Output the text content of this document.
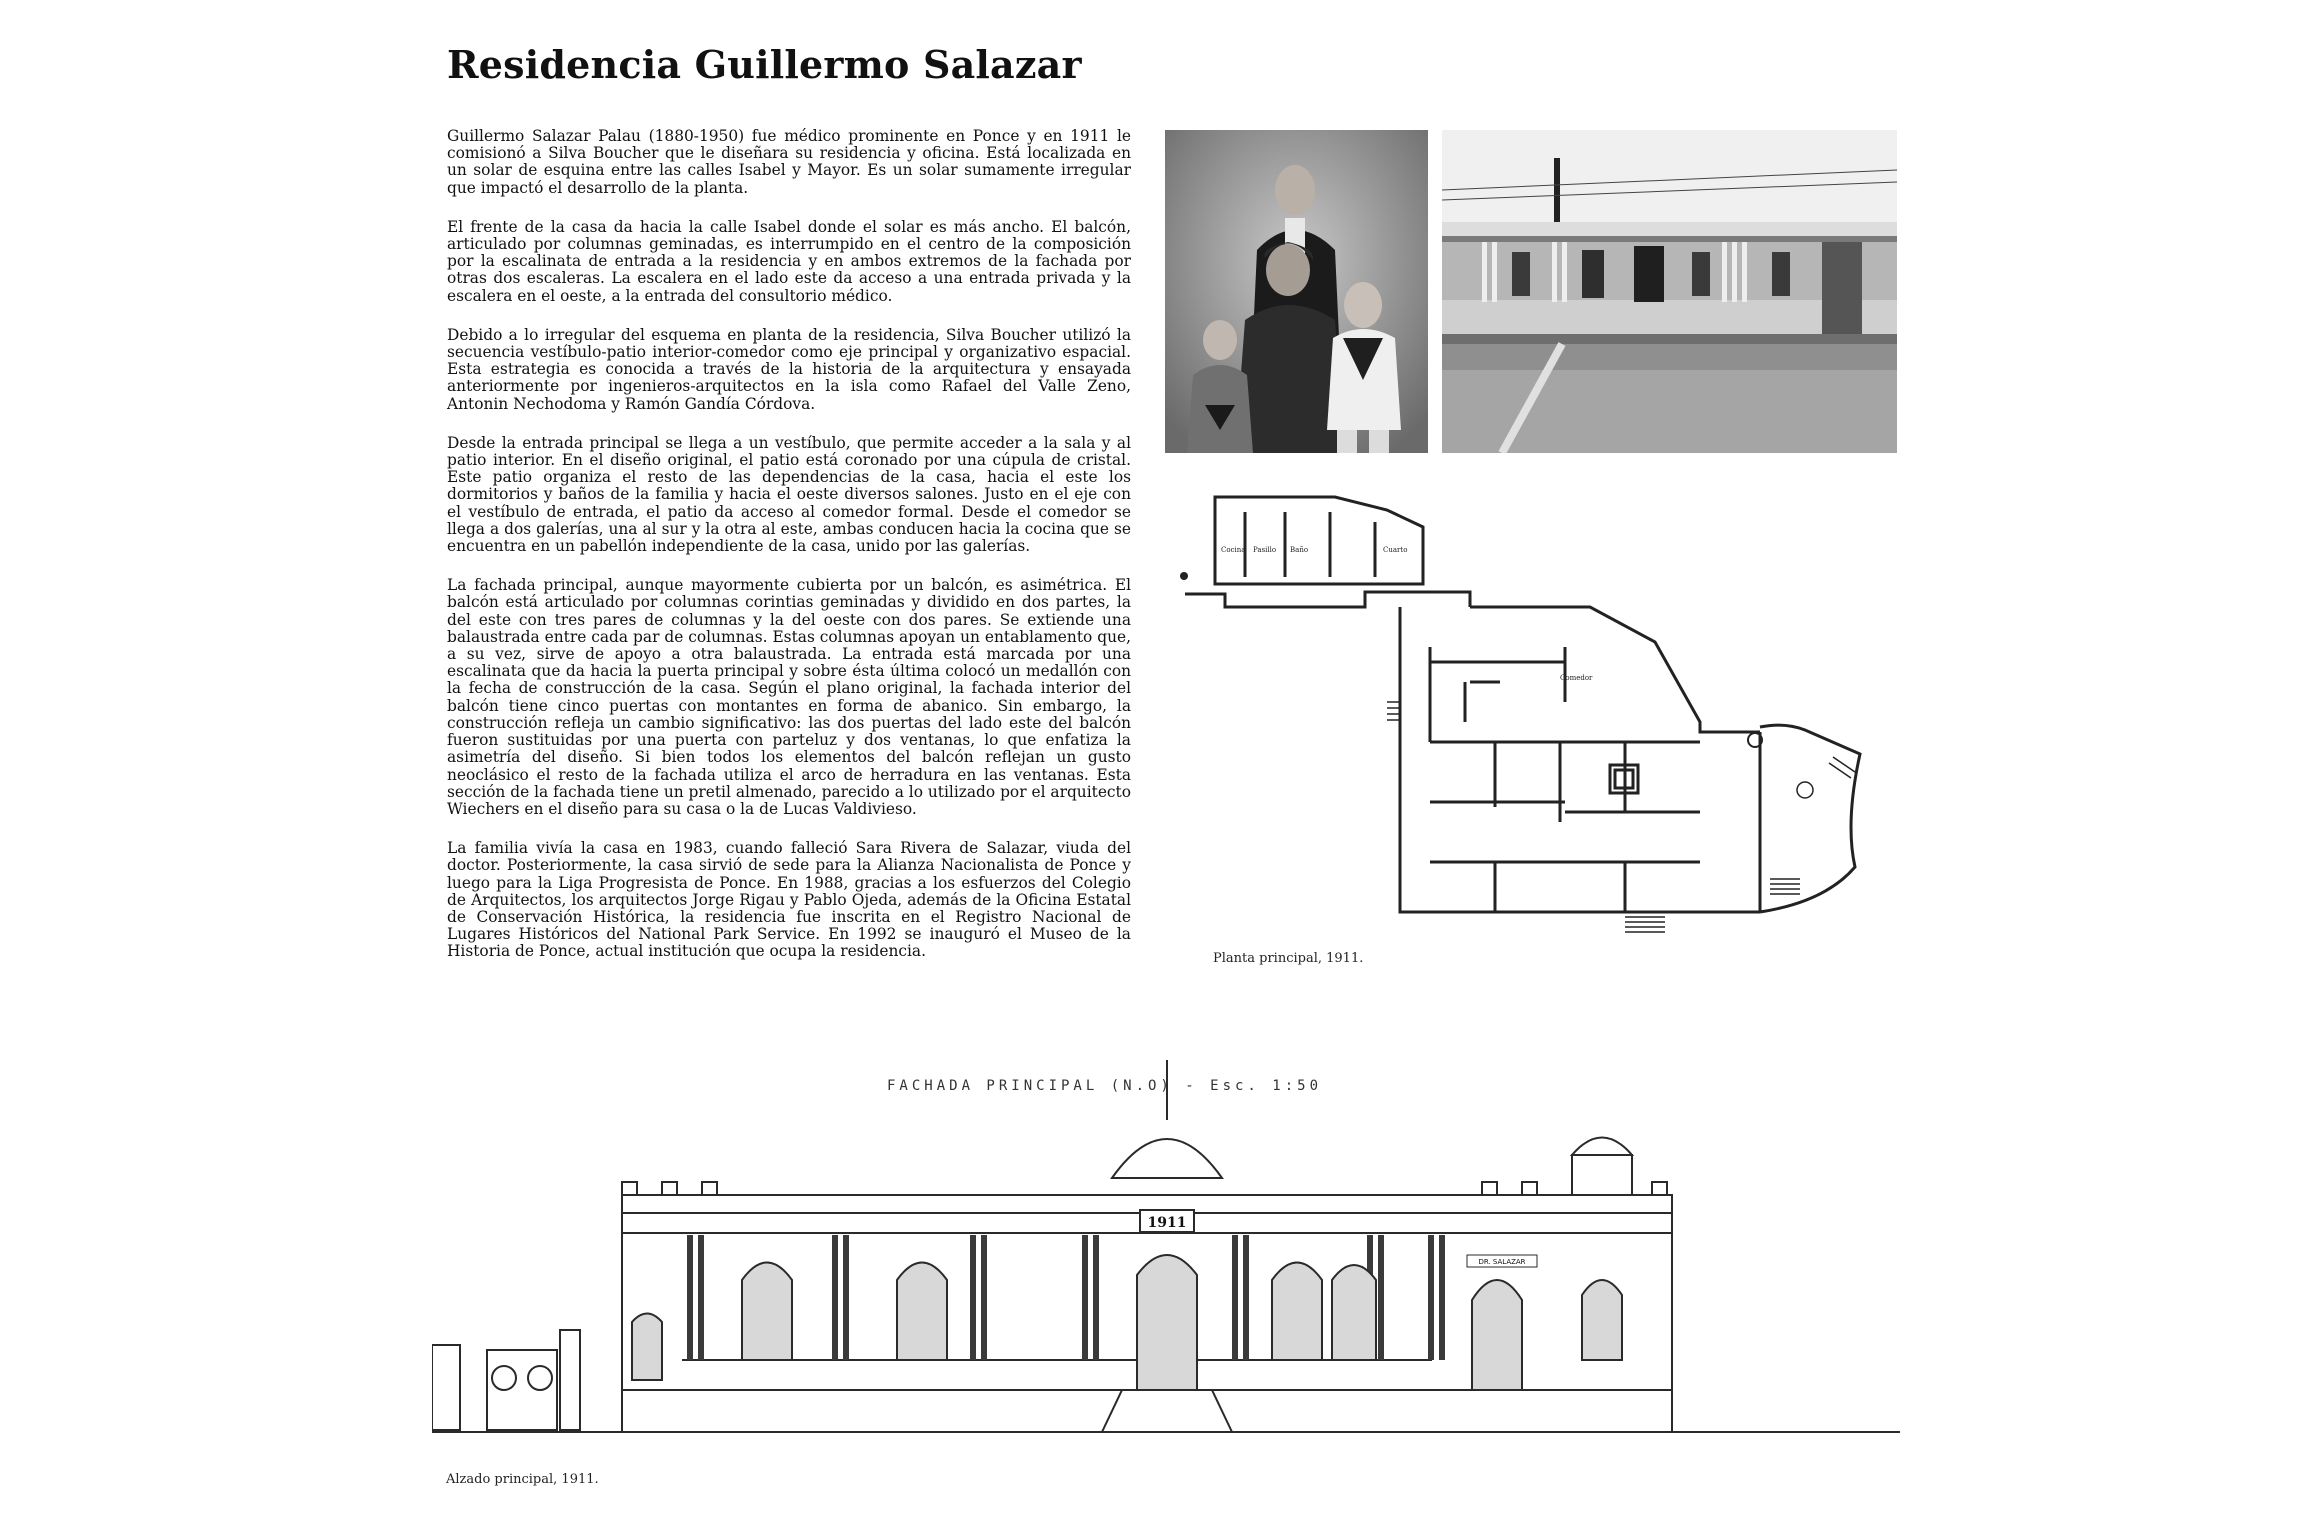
Residencia Guillermo Salazar

Guillermo Salazar Palau (1880-1950) fue médico prominente en Ponce y en 1911 le comisionó a Silva Boucher que le diseñara su residencia y oficina. Está localizada en un solar de esquina entre las calles Isabel y Mayor. Es un solar sumamente irregular que impactó el desarrollo de la planta.

El frente de la casa da hacia la calle Isabel donde el solar es más ancho. El balcón, articulado por columnas geminadas, es interrumpido en el centro de la composición por la escalinata de entrada a la residencia y en ambos extremos de la fachada por otras dos escaleras. La escalera en el lado este da acceso a una entrada privada y la escalera en el oeste, a la entrada del consultorio médico.

Debido a lo irregular del esquema en planta de la residencia, Silva Boucher utilizó la secuencia vestíbulo-patio interior-comedor como eje principal y organizativo espacial. Esta estrategia es conocida a través de la historia de la arquitectura y ensayada anteriormente por ingenieros-arquitectos en la isla como Rafael del Valle Zeno, Antonin Nechodoma y Ramón Gandía Córdova.

Desde la entrada principal se llega a un vestíbulo, que permite acceder a la sala y al patio interior. En el diseño original, el patio está coronado por una cúpula de cristal. Este patio organiza el resto de las dependencias de la casa, hacia el este los dormitorios y baños de la familia y hacia el oeste diversos salones. Justo en el eje con el vestíbulo de entrada, el patio da acceso al comedor formal. Desde el comedor se llega a dos galerías, una al sur y la otra al este, ambas conducen hacia la cocina que se encuentra en un pabellón independiente de la casa, unido por las galerías.

La fachada principal, aunque mayormente cubierta por un balcón, es asimétrica. El balcón está articulado por columnas corintias geminadas y dividido en dos partes, la del este con tres pares de columnas y la del oeste con dos pares. Se extiende una balaustrada entre cada par de columnas. Estas columnas apoyan un entablamento que, a su vez, sirve de apoyo a otra balaustrada. La entrada está marcada por una escalinata que da hacia la puerta principal y sobre ésta última colocó un medallón con la fecha de construcción de la casa. Según el plano original, la fachada interior del balcón tiene cinco puertas con montantes en forma de abanico. Sin embargo, la construcción refleja un cambio significativo: las dos puertas del lado este del balcón fueron sustituidas por una puerta con parteluz y dos ventanas, lo que enfatiza la asimetría del diseño. Si bien todos los elementos del balcón reflejan un gusto neoclásico el resto de la fachada utiliza el arco de herradura en las ventanas. Esta sección de la fachada tiene un pretil almenado, parecido a lo utilizado por el arquitecto Wiechers en el diseño para su casa o la de Lucas Valdivieso.

La familia vivía la casa en 1983, cuando falleció Sara Rivera de Salazar, viuda del doctor. Posteriormente, la casa sirvió de sede para la Alianza Nacionalista de Ponce y luego para la Liga Progresista de Ponce. En 1988, gracias a los esfuerzos del Colegio de Arquitectos, los arquitectos Jorge Rigau y Pablo Ojeda, además de la Oficina Estatal de Conservación Histórica, la residencia fue inscrita en el Registro Nacional de Lugares Históricos del National Park Service. En 1992 se inauguró el Museo de la Historia de Ponce, actual institución que ocupa la residencia.

Cocina Pasillo Baño	Cuarto
Comedor
Planta principal, 1911.
FACHADA PRINCIPAL (N.O) - Esc. 1:50
1911
DR. SALAZAR
Alzado principal, 1911.
